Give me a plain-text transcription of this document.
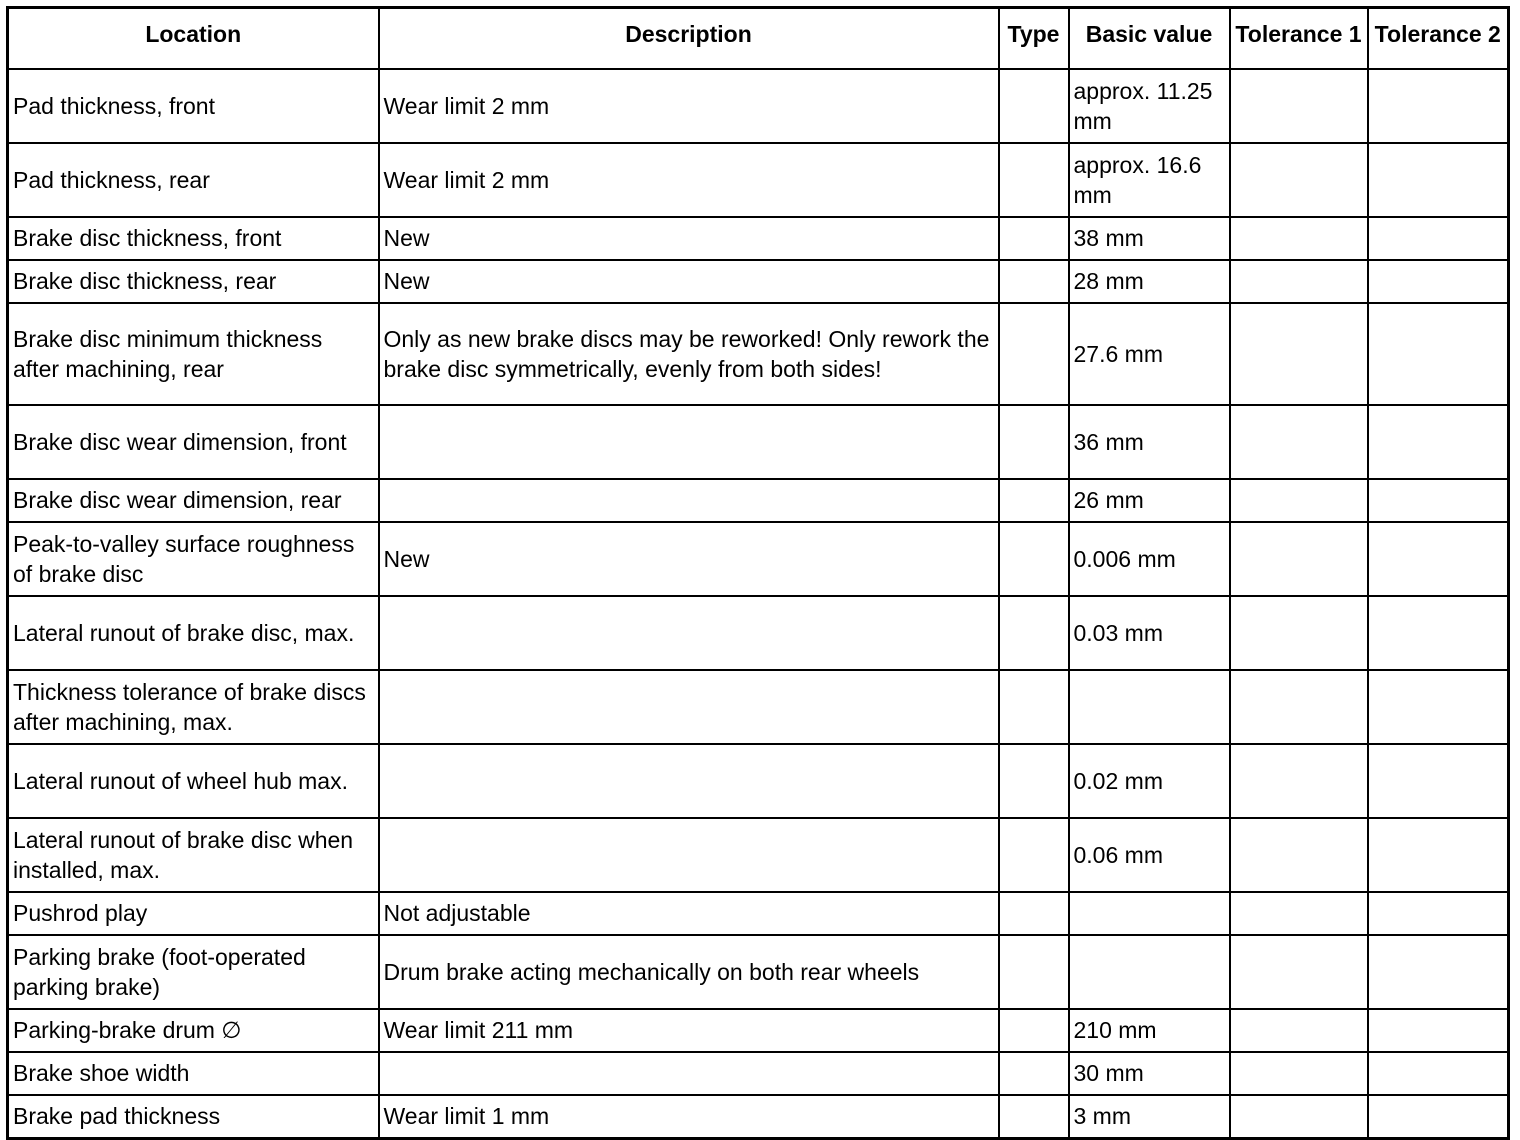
Location	Description	Type	Basic value	Tolerance 1	Tolerance 2
Pad thickness, front	Wear limit 2 mm		approx. 11.25 mm		
Pad thickness, rear	Wear limit 2 mm		approx. 16.6 mm		
Brake disc thickness, front	New		38 mm		
Brake disc thickness, rear	New		28 mm		
Brake disc minimum thickness after machining, rear	Only as new brake discs may be reworked! Only rework the brake disc symmetrically, evenly from both sides!		27.6 mm		
Brake disc wear dimension, front			36 mm		
Brake disc wear dimension, rear			26 mm		
Peak-to-valley surface roughness of brake disc	New		0.006 mm		
Lateral runout of brake disc, max.			0.03 mm		
Thickness tolerance of brake discs after machining, max.					
Lateral runout of wheel hub max.			0.02 mm		
Lateral runout of brake disc when installed, max.			0.06 mm		
Pushrod play	Not adjustable				
Parking brake (foot-operated parking brake)	Drum brake acting mechanically on both rear wheels				
Parking-brake drum ∅	Wear limit 211 mm		210 mm		
Brake shoe width			30 mm		
Brake pad thickness	Wear limit 1 mm		3 mm		
